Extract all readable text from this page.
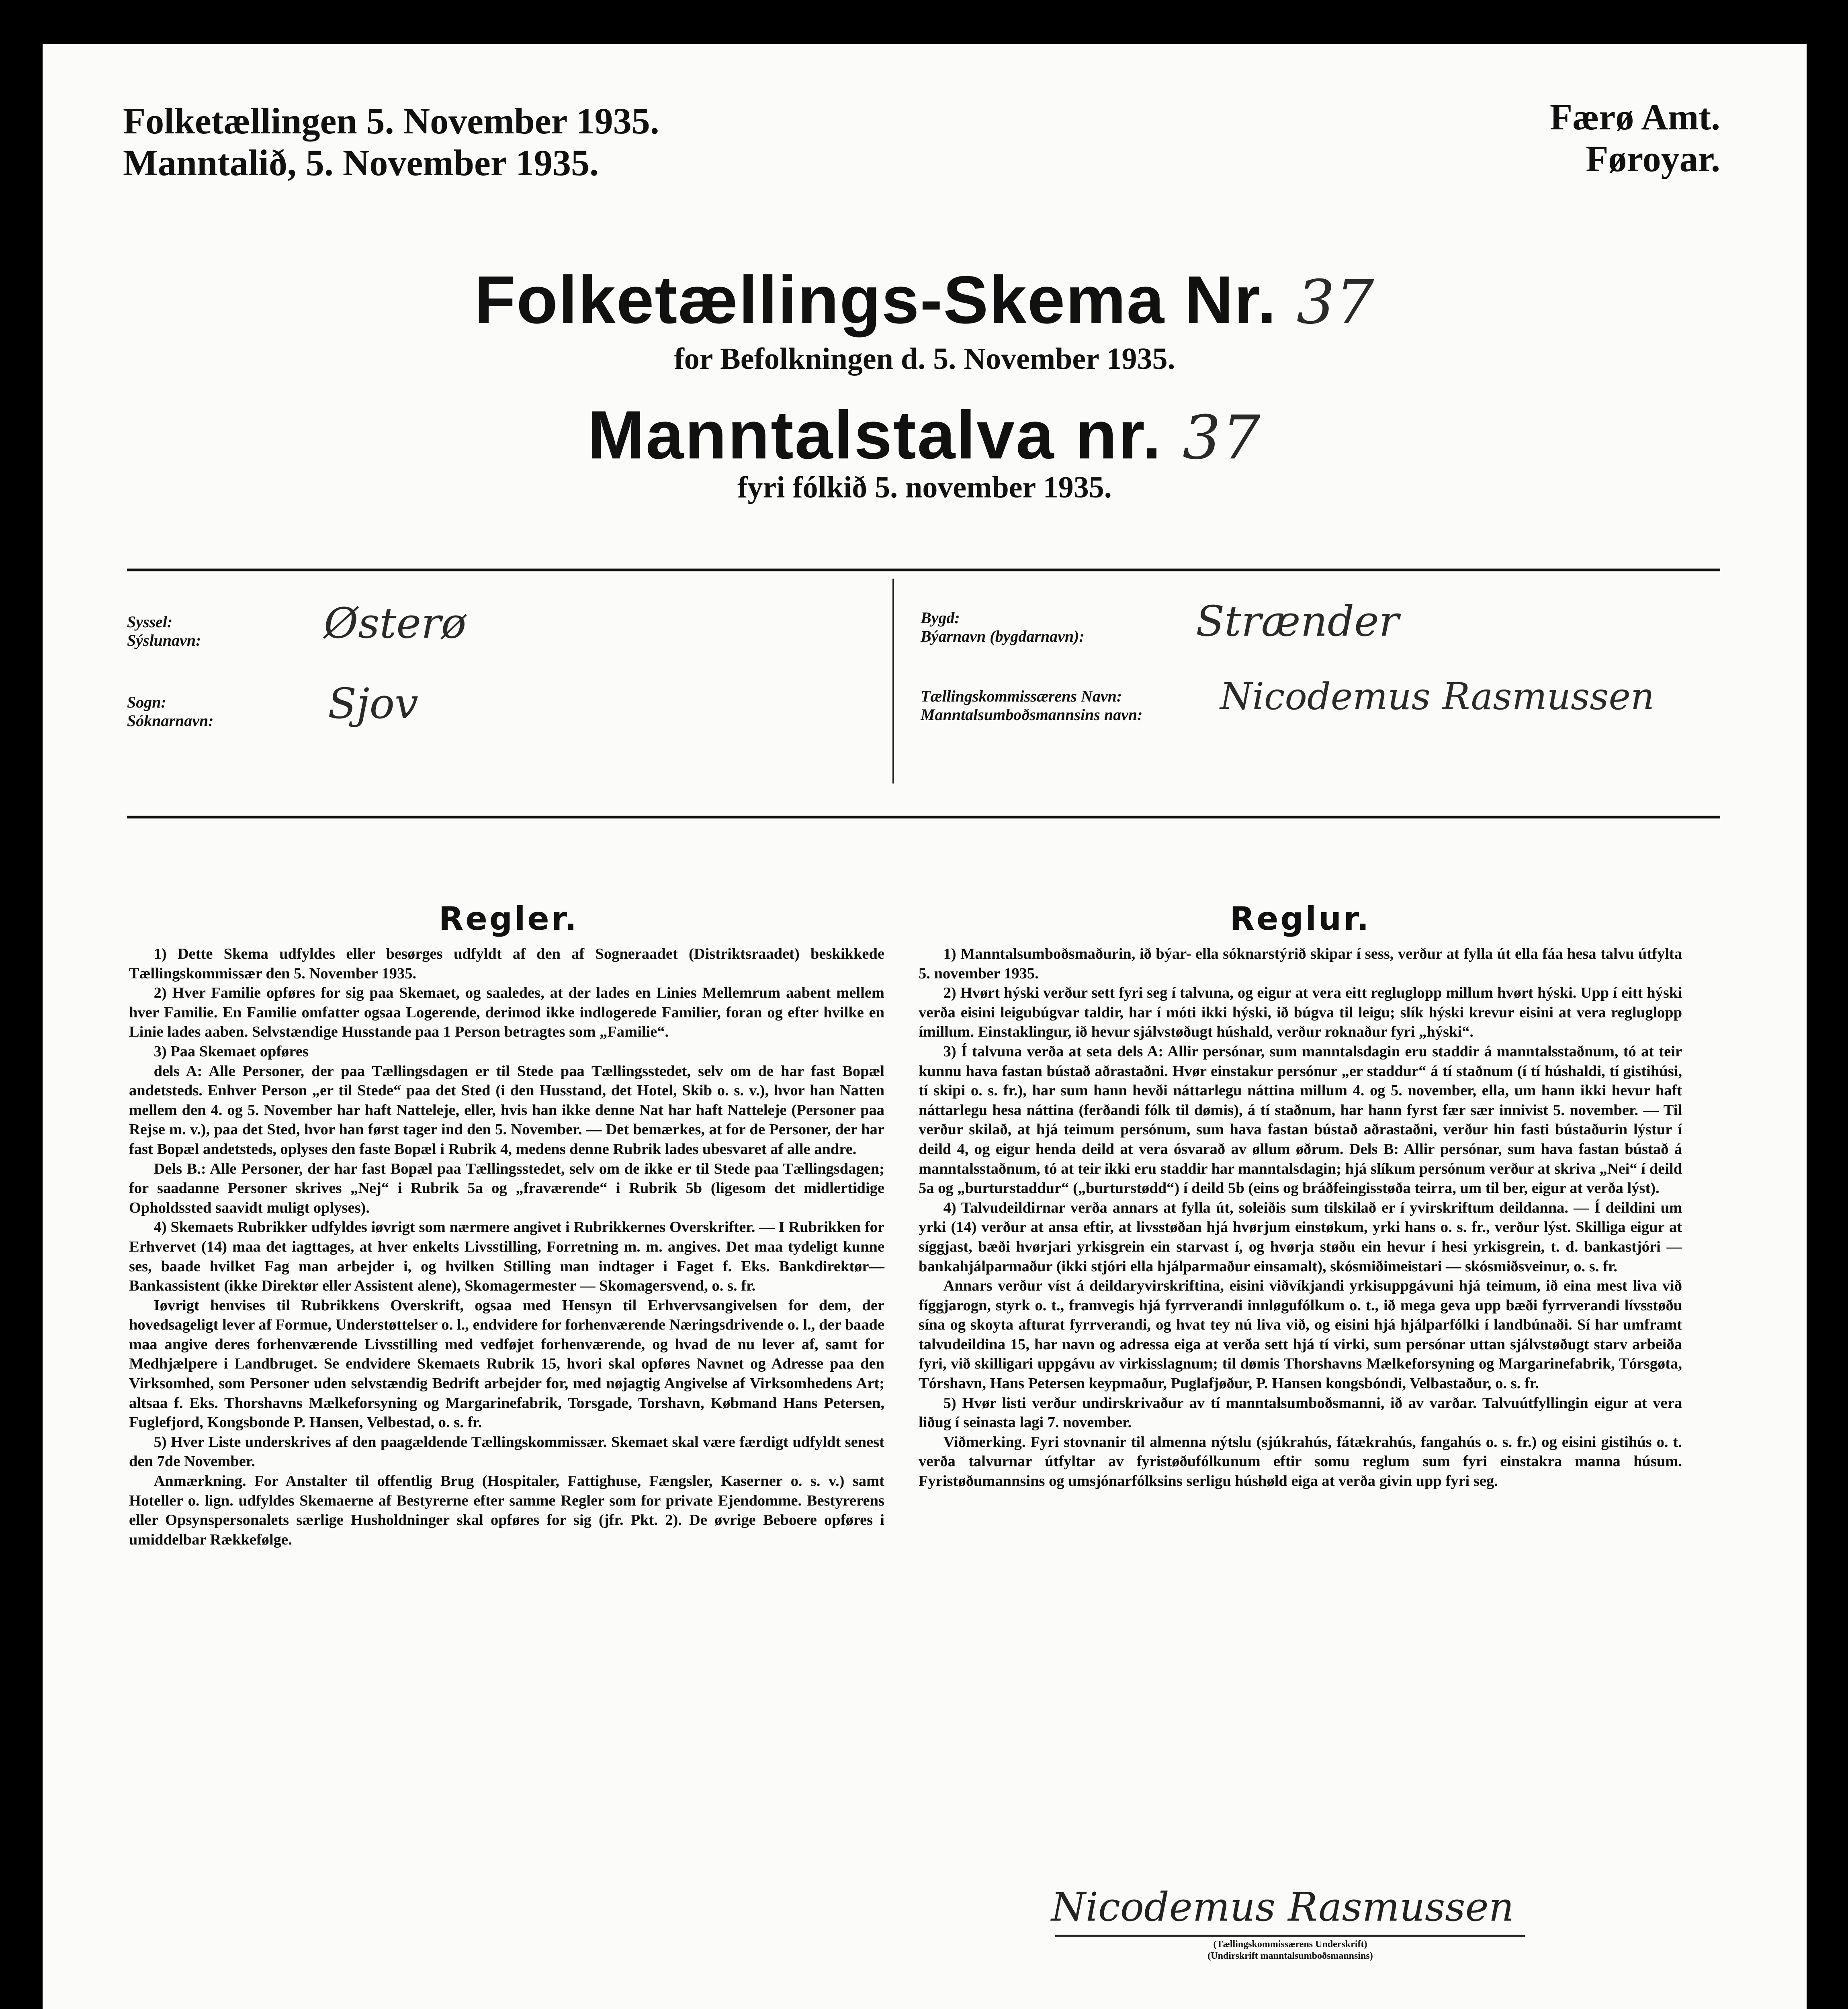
Folketællingen 5. November 1935.
Manntalið, 5. November 1935.
Færø Amt.
Føroyar.
Folketællings-Skema Nr. 37
for Befolkningen d. 5. November 1935.
Manntalstalva nr. 37
fyri fólkið 5. november 1935.
Syssel:
Sýslunavn:	Østerø
Sogn:
Sóknarnavn:	Sjov
Bygd:
Býarnavn (bygdarnavn):	Strænder
Tællingskommissærens Navn:
Manntalsumboðsmannsins navn: Nicodemus Rasmussen
Regler.	Reglur.

1) Dette Skema udfyldes eller besørges udfyldt af den af Sogneraadet (Distriktsraadet) beskikkede Tællingskommissær den 5. November 1935.

2) Hver Familie opføres for sig paa Skemaet, og saaledes, at der lades en Linies Mellemrum aabent mellem hver Familie. En Familie omfatter ogsaa Logerende, derimod ikke indlogerede Familier, foran og efter hvilke en Linie lades aaben. Selvstændige Husstande paa 1 Person betragtes som „Familie“.

3) Paa Skemaet opføres

dels A: Alle Personer, der paa Tællingsdagen er til Stede paa Tællingsstedet, selv om de har fast Bopæl andetsteds. Enhver Person „er til Stede“ paa det Sted (i den Husstand, det Hotel, Skib o. s. v.), hvor han Natten mellem den 4. og 5. November har haft Natteleje, eller, hvis han ikke denne Nat har haft Natteleje (Personer paa Rejse m. v.), paa det Sted, hvor han først tager ind den 5. November. — Det bemærkes, at for de Personer, der har fast Bopæl andetsteds, oplyses den faste Bopæl i Rubrik 4, medens denne Rubrik lades ubesvaret af alle andre.

Dels B.: Alle Personer, der har fast Bopæl paa Tællingsstedet, selv om de ikke er til Stede paa Tællingsdagen; for saadanne Personer skrives „Nej“ i Rubrik 5a og „fraværende“ i Rubrik 5b (ligesom det midlertidige Opholdssted saavidt muligt oplyses).

4) Skemaets Rubrikker udfyldes iøvrigt som nærmere angivet i Rubrikkernes Overskrifter. — I Rubrikken for Erhvervet (14) maa det iagttages, at hver enkelts Livsstilling, Forretning m. m. angives. Det maa tydeligt kunne ses, baade hvilket Fag man arbejder i, og hvilken Stilling man indtager i Faget f. Eks. Bankdirektør—Bankassistent (ikke Direktør eller Assistent alene), Skomagermester — Skomagersvend, o. s. fr.

Iøvrigt henvises til Rubrikkens Overskrift, ogsaa med Hensyn til Erhvervsangivelsen for dem, der hovedsageligt lever af Formue, Understøttelser o. l., endvidere for forhenværende Næringsdrivende o. l., der baade maa angive deres forhenværende Livsstilling med vedføjet forhenværende, og hvad de nu lever af, samt for Medhjælpere i Landbruget. Se endvidere Skemaets Rubrik 15, hvori skal opføres Navnet og Adresse paa den Virksomhed, som Personer uden selvstændig Bedrift arbejder for, med nøjagtig Angivelse af Virksomhedens Art; altsaa f. Eks. Thorshavns Mælkeforsyning og Margarinefabrik, Torsgade, Torshavn, Købmand Hans Petersen, Fuglefjord, Kongsbonde P. Hansen, Velbestad, o. s. fr.

5) Hver Liste underskrives af den paagældende Tællingskommissær. Skemaet skal være færdigt udfyldt senest den 7de November.

Anmærkning. For Anstalter til offentlig Brug (Hospitaler, Fattighuse, Fængsler, Kaserner o. s. v.) samt Hoteller o. lign. udfyldes Skemaerne af Bestyrerne efter samme Regler som for private Ejendomme. Bestyrerens eller Opsynspersonalets særlige Husholdninger skal opføres for sig (jfr. Pkt. 2). De øvrige Beboere opføres i umiddelbar Rækkefølge.

1) Manntalsumboðsmaðurin, ið býar- ella sóknarstýrið skipar í sess, verður at fylla út ella fáa hesa talvu útfylta 5. november 1935.

2) Hvørt hýski verður sett fyri seg í talvuna, og eigur at vera eitt regluglopp millum hvørt hýski. Upp í eitt hýski verða eisini leigubúgvar taldir, har í móti ikki hýski, ið búgva til leigu; slík hýski krevur eisini at vera regluglopp ímillum. Einstaklingur, ið hevur sjálvstøðugt húshald, verður roknaður fyri „hýski“.

3) Í talvuna verða at seta dels A: Allir persónar, sum manntalsdagin eru staddir á manntalsstaðnum, tó at teir kunnu hava fastan bústað aðrastaðni. Hvør einstakur persónur „er staddur“ á tí staðnum (í tí húshaldi, tí gistihúsi, tí skipi o. s. fr.), har sum hann hevði náttarlegu náttina millum 4. og 5. november, ella, um hann ikki hevur haft náttarlegu hesa náttina (ferðandi fólk til dømis), á tí staðnum, har hann fyrst fær sær innivist 5. november. — Til verður skilað, at hjá teimum persónum, sum hava fastan bústað aðrastaðni, verður hin fasti bústaðurin lýstur í deild 4, og eigur henda deild at vera ósvarað av øllum øðrum. Dels B: Allir persónar, sum hava fastan bústað á manntalsstaðnum, tó at teir ikki eru staddir har manntalsdagin; hjá slíkum persónum verður at skriva „Nei“ í deild 5a og „burturstaddur“ („burturstødd“) í deild 5b (eins og bráðfeingisstøða teirra, um til ber, eigur at verða lýst).

4) Talvudeildirnar verða annars at fylla út, soleiðis sum tilskilað er í yvirskriftum deildanna. — Í deildini um yrki (14) verður at ansa eftir, at livsstøðan hjá hvørjum einstøkum, yrki hans o. s. fr., verður lýst. Skilliga eigur at síggjast, bæði hvørjari yrkisgrein ein starvast í, og hvørja støðu ein hevur í hesi yrkisgrein, t. d. bankastjóri — bankahjálparmaður (ikki stjóri ella hjálparmaður einsamalt), skósmiðimeistari — skósmiðsveinur, o. s. fr.

Annars verður víst á deildaryvirskriftina, eisini viðvíkjandi yrkisuppgávuni hjá teimum, ið eina mest liva við fíggjarogn, styrk o. t., framvegis hjá fyrrverandi innløgufólkum o. t., ið mega geva upp bæði fyrrverandi lívsstøðu sína og skoyta afturat fyrrverandi, og hvat tey nú liva við, og eisini hjá hjálparfólki í landbúnaði. Sí har umframt talvudeildina 15, har navn og adressa eiga at verða sett hjá tí virki, sum persónar uttan sjálvstøðugt starv arbeiða fyri, við skilligari uppgávu av virkisslagnum; til dømis Thorshavns Mælkeforsyning og Margarinefabrik, Tórsgøta, Tórshavn, Hans Petersen keypmaður, Puglafjøður, P. Hansen kongsbóndi, Velbastaður, o. s. fr.

5) Hvør listi verður undirskrivaður av tí manntalsumboðsmanni, ið av varðar. Talvuútfyllingin eigur at vera liðug í seinasta lagi 7. november.

Viðmerking. Fyri stovnanir til almenna nýtslu (sjúkrahús, fátækrahús, fangahús o. s. fr.) og eisini gistihús o. t. verða talvurnar útfyltar av fyristøðufólkunum eftir somu reglum sum fyri einstakra manna húsum. Fyristøðumannsins og umsjónarfólksins serligu húshøld eiga at verða givin upp fyri seg.

Nicodemus Rasmussen
(Tællingskommissærens Underskrift)
(Undirskrift manntalsumboðsmannsins)
